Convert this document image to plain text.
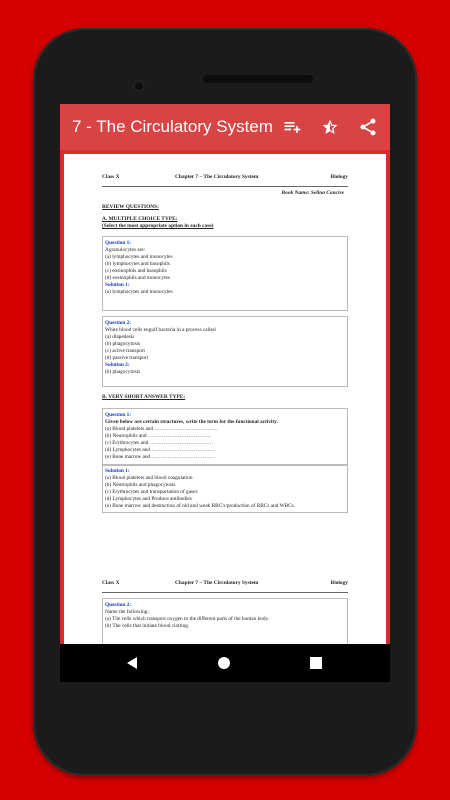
7 - The Circulatory System
Class X	Chapter 7 – The Circulatory System	Biology
Book Name: Selina Concise
REVIEW QUESTIONS:
A. MULTIPLE CHOICE TYPE:
(Select the most appropriate option in each case)
Question 1:
Agranulocytes are:
(a) lymphocytes and monocytes
(b) lymphocytes and basophils
(c) eosinophils and basophils
(d) eosinophils and monocytes
Solution 1:
(a) lymphocytes and monocytes
Question 2:
White blood cells engulf bacteria in a process called
(a) diapedesis
(b) phagocytosis
(c) active transport
(d) passive transport
Solution 2:
(b) phagocytosis
B. VERY SHORT ANSWER TYPE:
Question 1:
Given below are certain structures, write the term for the functional activity.
(a) Blood platelets and ………………………………
(b) Neutrophils and ………………………………
(c) Erythrocytes and ………………………………
(d) Lymphocytes and ………………………………
(e) Bone marrow and ………………………………
Solution 1:
(a) Blood platelets and blood coagulation
(b) Neutrophils and phagocytosis
(c) Erythrocytes and transportation of gases
(d) Lymphocytes and Produce antibodies
(e) Bone marrow and destruction of old and weak RBC's/production of RBCs and WBCs.
Class X	Chapter 7 – The Circulatory System	Biology
Question 2:
Name the following:
(a) The cells which transport oxygen to the different parts of the human body.
(b) The cells that initiate blood clotting.
